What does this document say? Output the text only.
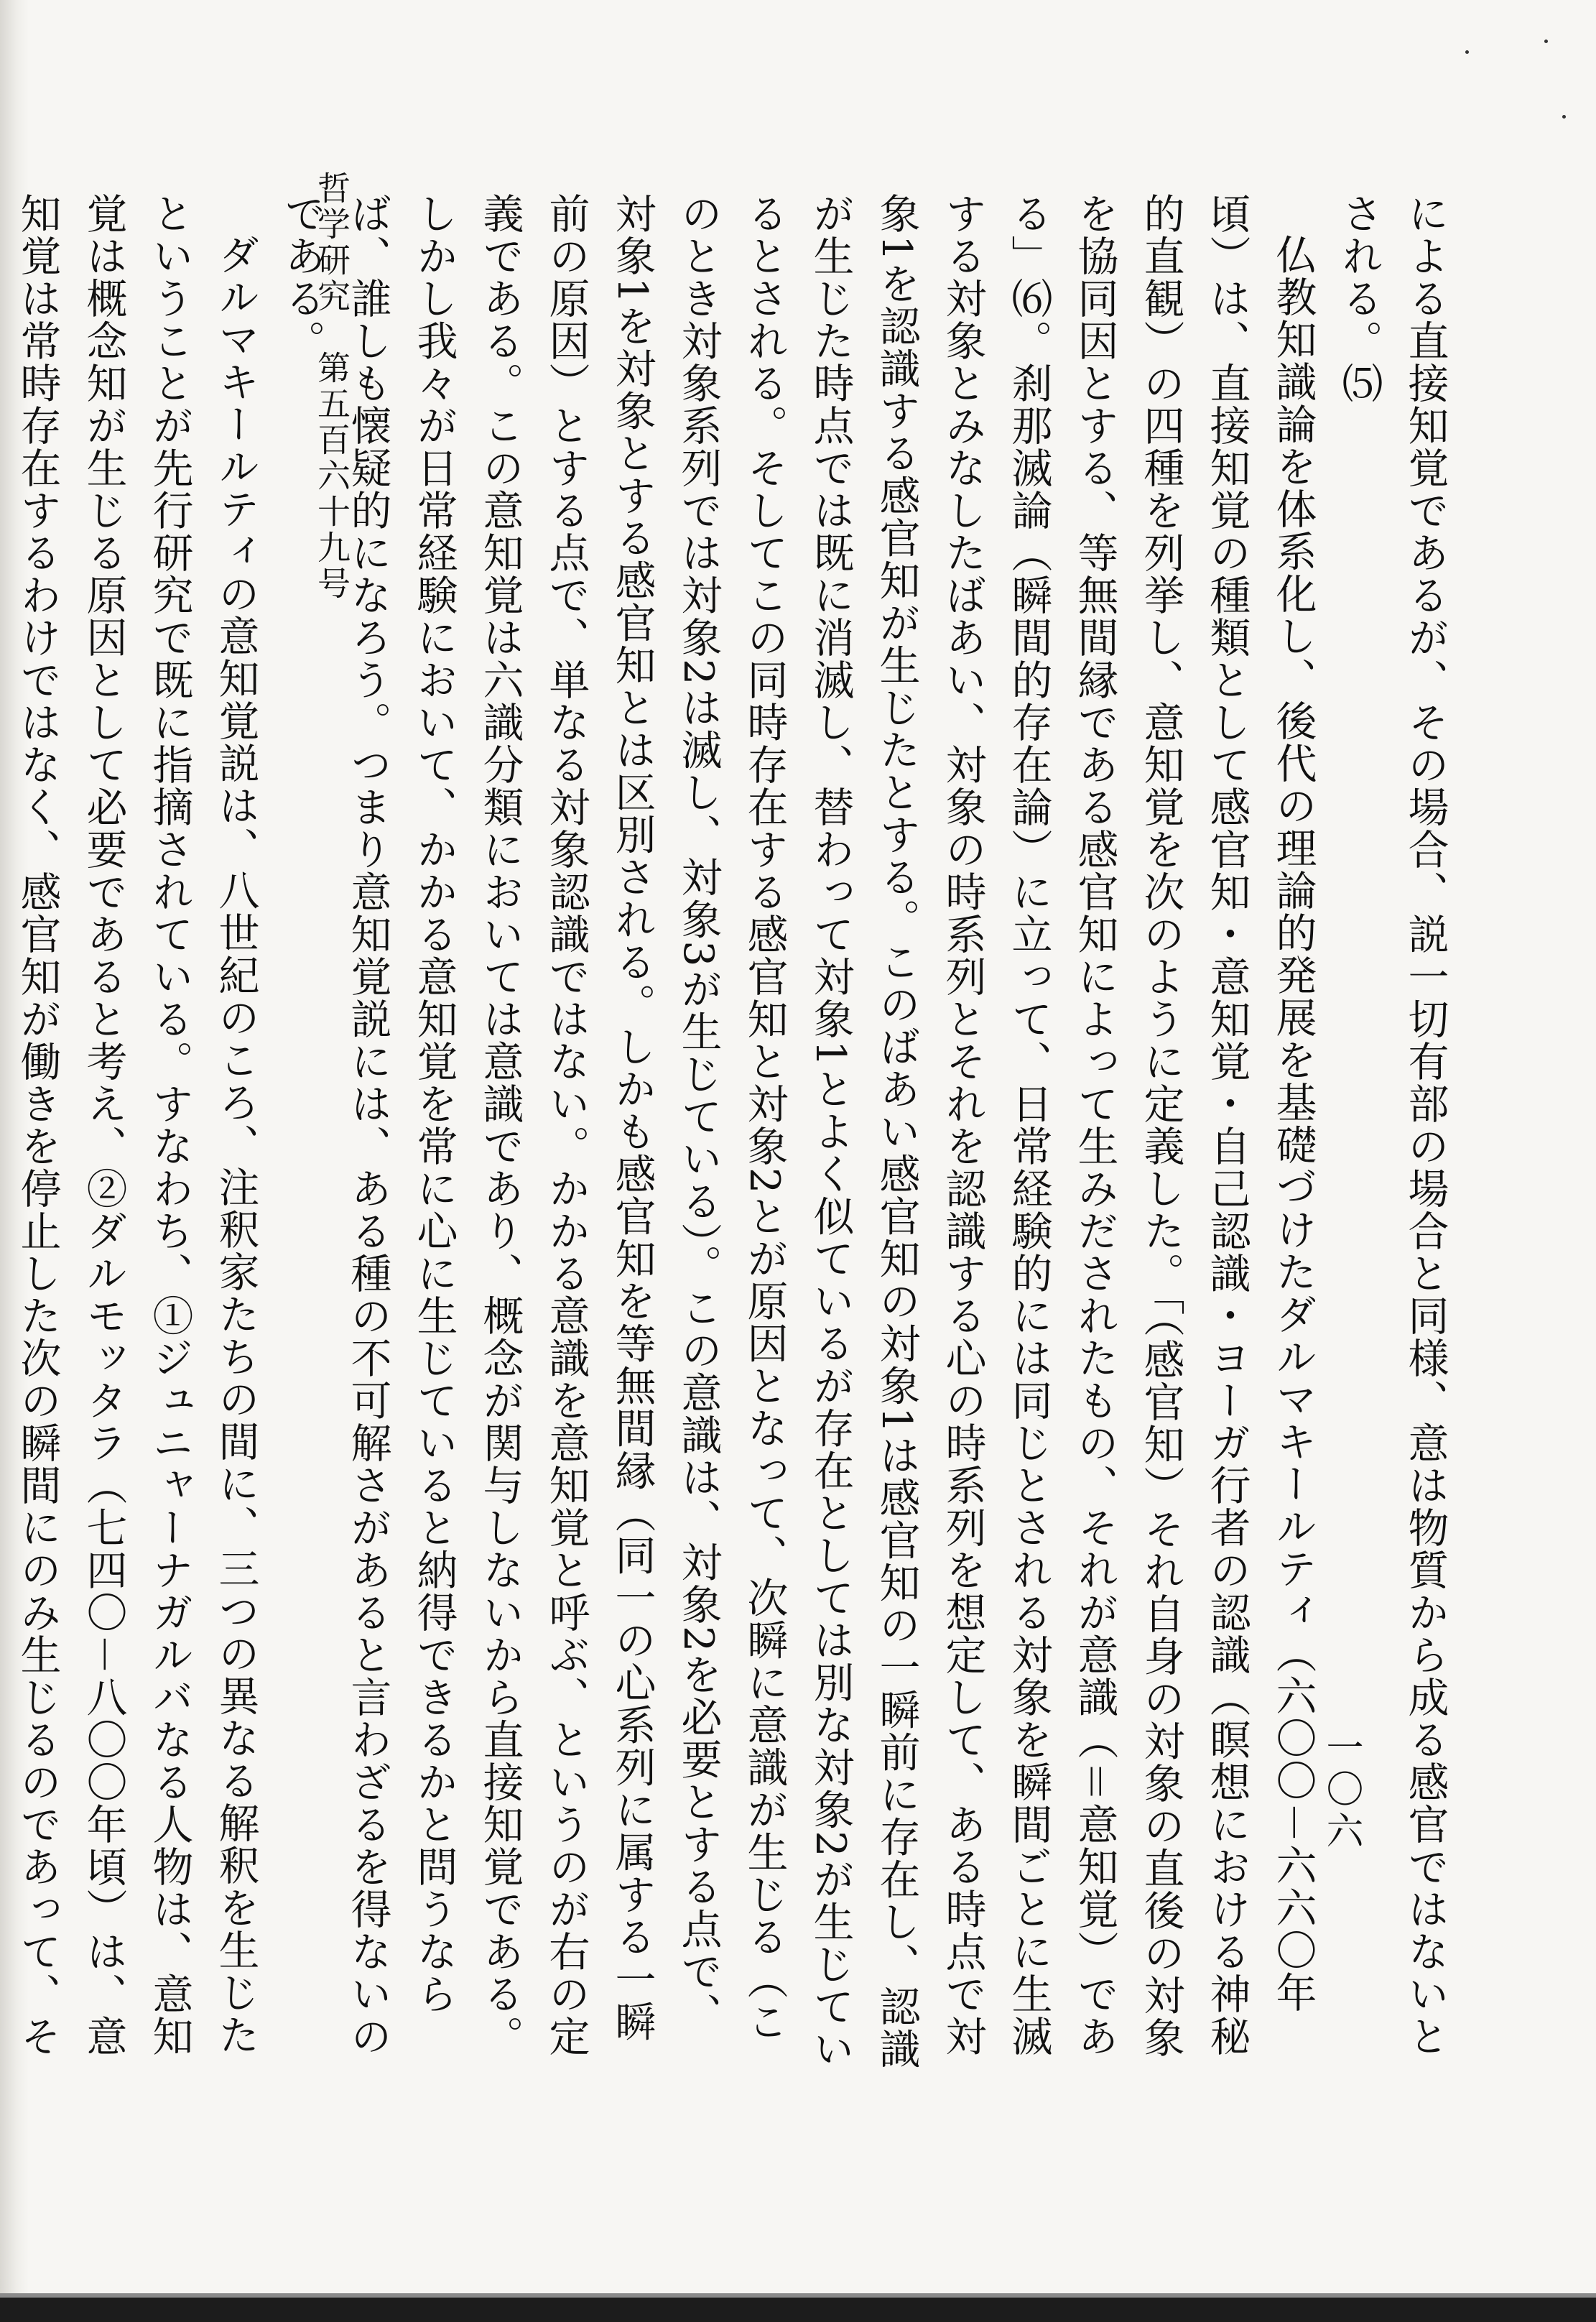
哲学研究　第五百六十九号
一〇六 による直接知覚であるが、その場合、説一切有部の場合と同様、意は物質から成る感官ではないとされる。⑸

仏教知識論を体系化し、後代の理論的発展を基礎づけたダルマキールティ（六〇〇－六六〇年頃）は、直接知覚の種類として感官知・意知覚・自己認識・ヨーガ行者の認識（瞑想における神秘的直観）の四種を列挙し、意知覚を次のように定義した。「（感官知）それ自身の対象の直後の対象を協同因とする、等無間縁である感官知によって生みだされたもの、それが意識（＝意知覚）である」⑹。刹那滅論（瞬間的存在論）に立って、日常経験的には同じとされる対象を瞬間ごとに生滅する対象とみなしたばあい、対象の時系列とそれを認識する心の時系列を想定して、ある時点で対象1を認識する感官知が生じたとする。このばあい感官知の対象1は感官知の一瞬前に存在し、認識が生じた時点では既に消滅し、替わって対象1とよく似ているが存在としては別な対象2が生じているとされる。そしてこの同時存在する感官知と対象2とが原因となって、次瞬に意識が生じる（このとき対象系列では対象2は滅し、対象3が生じている）。この意識は、対象2を必要とする点で、対象1を対象とする感官知とは区別される。しかも感官知を等無間縁（同一の心系列に属する一瞬前の原因）とする点で、単なる対象認識ではない。かかる意識を意知覚と呼ぶ、というのが右の定義である。この意知覚は六識分類においては意識であり、概念が関与しないから直接知覚である。しかし我々が日常経験において、かかる意知覚を常に心に生じていると納得できるかと問うならば、誰しも懐疑的になろう。つまり意知覚説には、ある種の不可解さがあると言わざるを得ないのである。

ダルマキールティの意知覚説は、八世紀のころ、注釈家たちの間に、三つの異なる解釈を生じたということが先行研究で既に指摘されている。すなわち、①ジュニャーナガルバなる人物は、意知覚は概念知が生じる原因として必要であると考え、②ダルモッタラ（七四〇－八〇〇年頃）は、意知覚は常時存在するわけではなく、感官知が働きを停止した次の瞬間にのみ生じるのであって、そ
